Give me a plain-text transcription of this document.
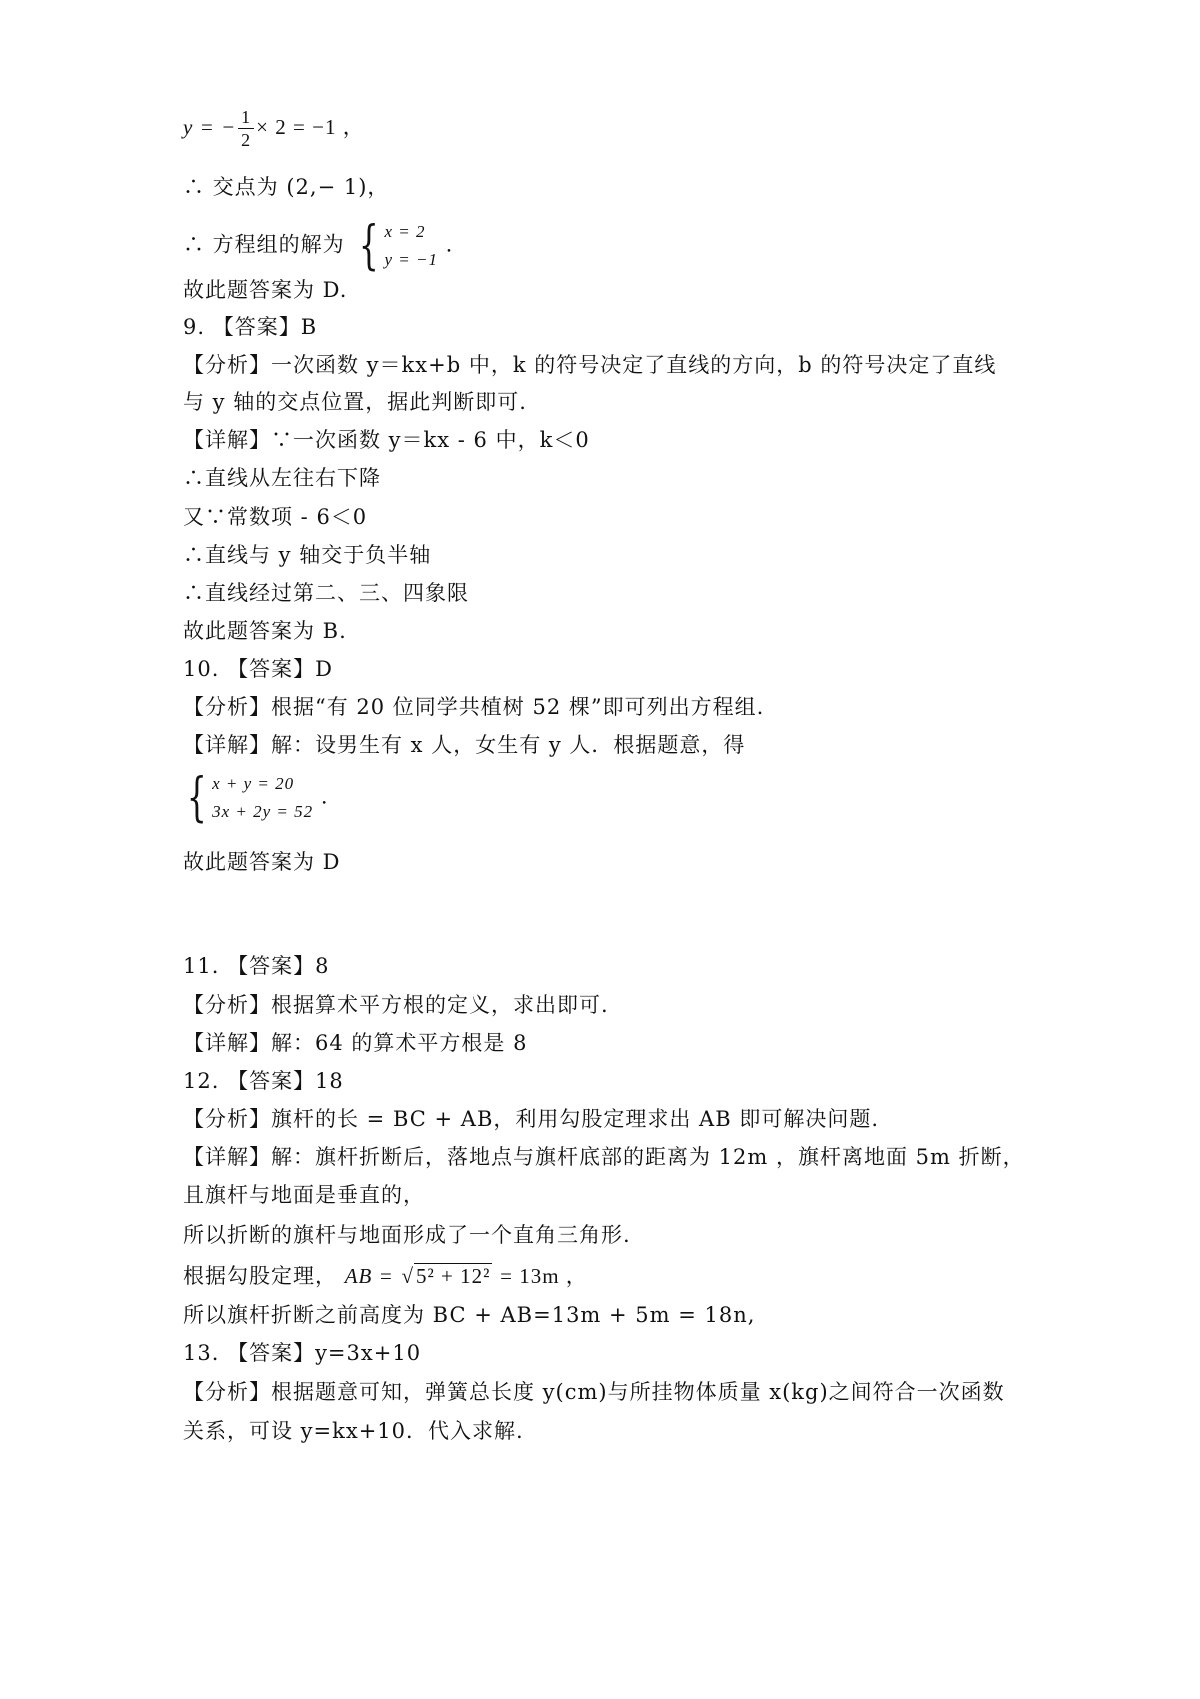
y = − $\frac{1}{2} \times 2 = -1$ ，
∴ 交点为 (2,− 1)，
∴ 方程组的解为 { x = 2
y = −1
.
故此题答案为 D.
9. 【答案】B
【分析】一次函数 y＝kx+b 中，k 的符号决定了直线的方向，b 的符号决定了直线
与 y 轴的交点位置，据此判断即可.
【详解】∵一次函数 y＝kx - 6 中，k＜0
∴直线从左往右下降
又∵常数项 - 6＜0
∴直线与 y 轴交于负半轴
∴直线经过第二、三、四象限
故此题答案为 B.
10. 【答案】D
【分析】根据“有 20 位同学共植树 52 棵”即可列出方程组.
【详解】解：设男生有 x 人，女生有 y 人．根据题意，得
{ x + y = 20
3x + 2y = 52
.
故此题答案为 D
11. 【答案】8
【分析】根据算术平方根的定义，求出即可.
【详解】解：64 的算术平方根是 8
12. 【答案】18
【分析】旗杆的长 = BC + AB，利用勾股定理求出 AB 即可解决问题.
【详解】解：旗杆折断后，落地点与旗杆底部的距离为 12m ，旗杆离地面 5m 折断，
且旗杆与地面是垂直的，
所以折断的旗杆与地面形成了一个直角三角形.
根据勾股定理， AB = √5² + 12² = 13m ，
所以旗杆折断之前高度为 BC + AB=13m + 5m = 18n,
13. 【答案】y=3x+10
【分析】根据题意可知，弹簧总长度 y(cm)与所挂物体质量 x(kg)之间符合一次函数
关系，可设 y=kx+10．代入求解.
